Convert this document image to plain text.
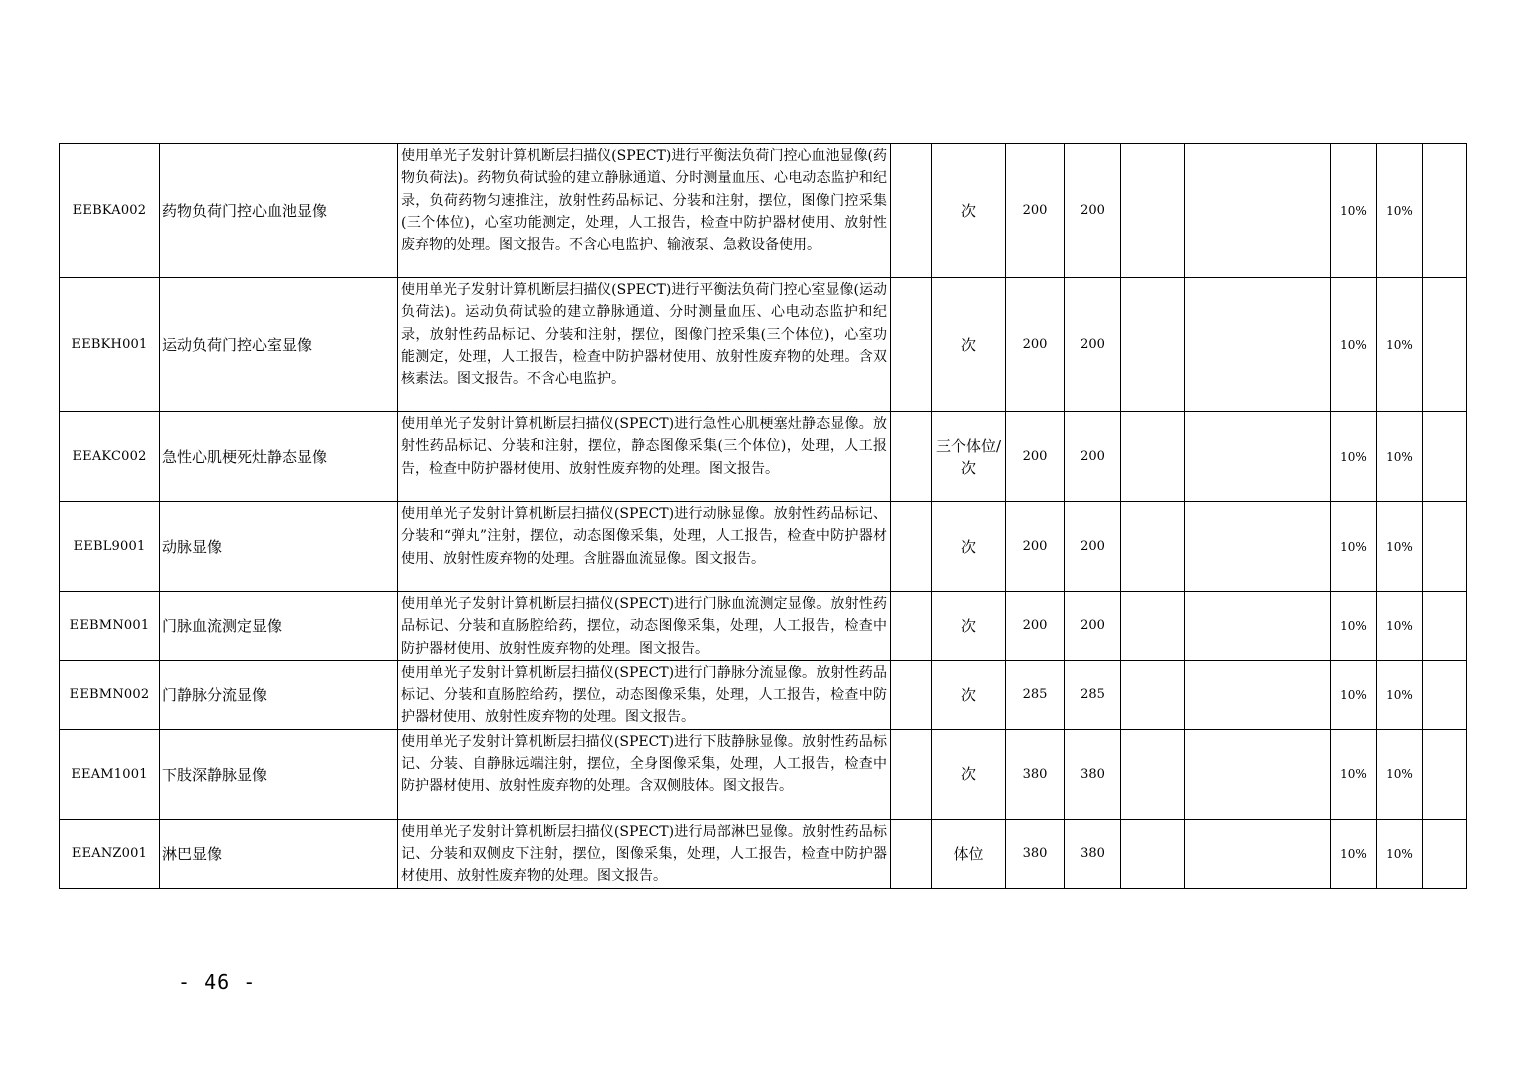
EEBKA002	药物负荷门控心血池显像	使用单光子发射计算机断层扫描仪(SPECT)进行平衡法负荷门控心血池显像(药物负荷法)。药物负荷试验的建立静脉通道、分时测量血压、心电动态监护和纪录，负荷药物匀速推注，放射性药品标记、分装和注射，摆位，图像门控采集(三个体位)，心室功能测定，处理，人工报告，检查中防护器材使用、放射性废弃物的处理。图文报告。不含心电监护、输液泵、急救设备使用。		次	200	200			10%	10%	
EEBKH001	运动负荷门控心室显像	使用单光子发射计算机断层扫描仪(SPECT)进行平衡法负荷门控心室显像(运动负荷法)。运动负荷试验的建立静脉通道、分时测量血压、心电动态监护和纪录，放射性药品标记、分装和注射，摆位，图像门控采集(三个体位)，心室功能测定，处理，人工报告，检查中防护器材使用、放射性废弃物的处理。含双核素法。图文报告。不含心电监护。		次	200	200			10%	10%	
EEAKC002	急性心肌梗死灶静态显像	使用单光子发射计算机断层扫描仪(SPECT)进行急性心肌梗塞灶静态显像。放射性药品标记、分装和注射，摆位，静态图像采集(三个体位)，处理，人工报告，检查中防护器材使用、放射性废弃物的处理。图文报告。		三个体位/次	200	200			10%	10%	
EEBL9001	动脉显像	使用单光子发射计算机断层扫描仪(SPECT)进行动脉显像。放射性药品标记、分装和“弹丸”注射，摆位，动态图像采集，处理，人工报告，检查中防护器材使用、放射性废弃物的处理。含脏器血流显像。图文报告。		次	200	200			10%	10%	
EEBMN001	门脉血流测定显像	使用单光子发射计算机断层扫描仪(SPECT)进行门脉血流测定显像。放射性药品标记、分装和直肠腔给药，摆位，动态图像采集，处理，人工报告，检查中防护器材使用、放射性废弃物的处理。图文报告。		次	200	200			10%	10%	
EEBMN002	门静脉分流显像	使用单光子发射计算机断层扫描仪(SPECT)进行门静脉分流显像。放射性药品标记、分装和直肠腔给药，摆位，动态图像采集，处理，人工报告，检查中防护器材使用、放射性废弃物的处理。图文报告。		次	285	285			10%	10%	
EEAM1001	下肢深静脉显像	使用单光子发射计算机断层扫描仪(SPECT)进行下肢静脉显像。放射性药品标记、分装、自静脉远端注射，摆位，全身图像采集，处理，人工报告，检查中防护器材使用、放射性废弃物的处理。含双侧肢体。图文报告。		次	380	380			10%	10%	
EEANZ001	淋巴显像	使用单光子发射计算机断层扫描仪(SPECT)进行局部淋巴显像。放射性药品标记、分装和双侧皮下注射，摆位，图像采集，处理，人工报告，检查中防护器材使用、放射性废弃物的处理。图文报告。		体位	380	380			10%	10%	
- 46 -
